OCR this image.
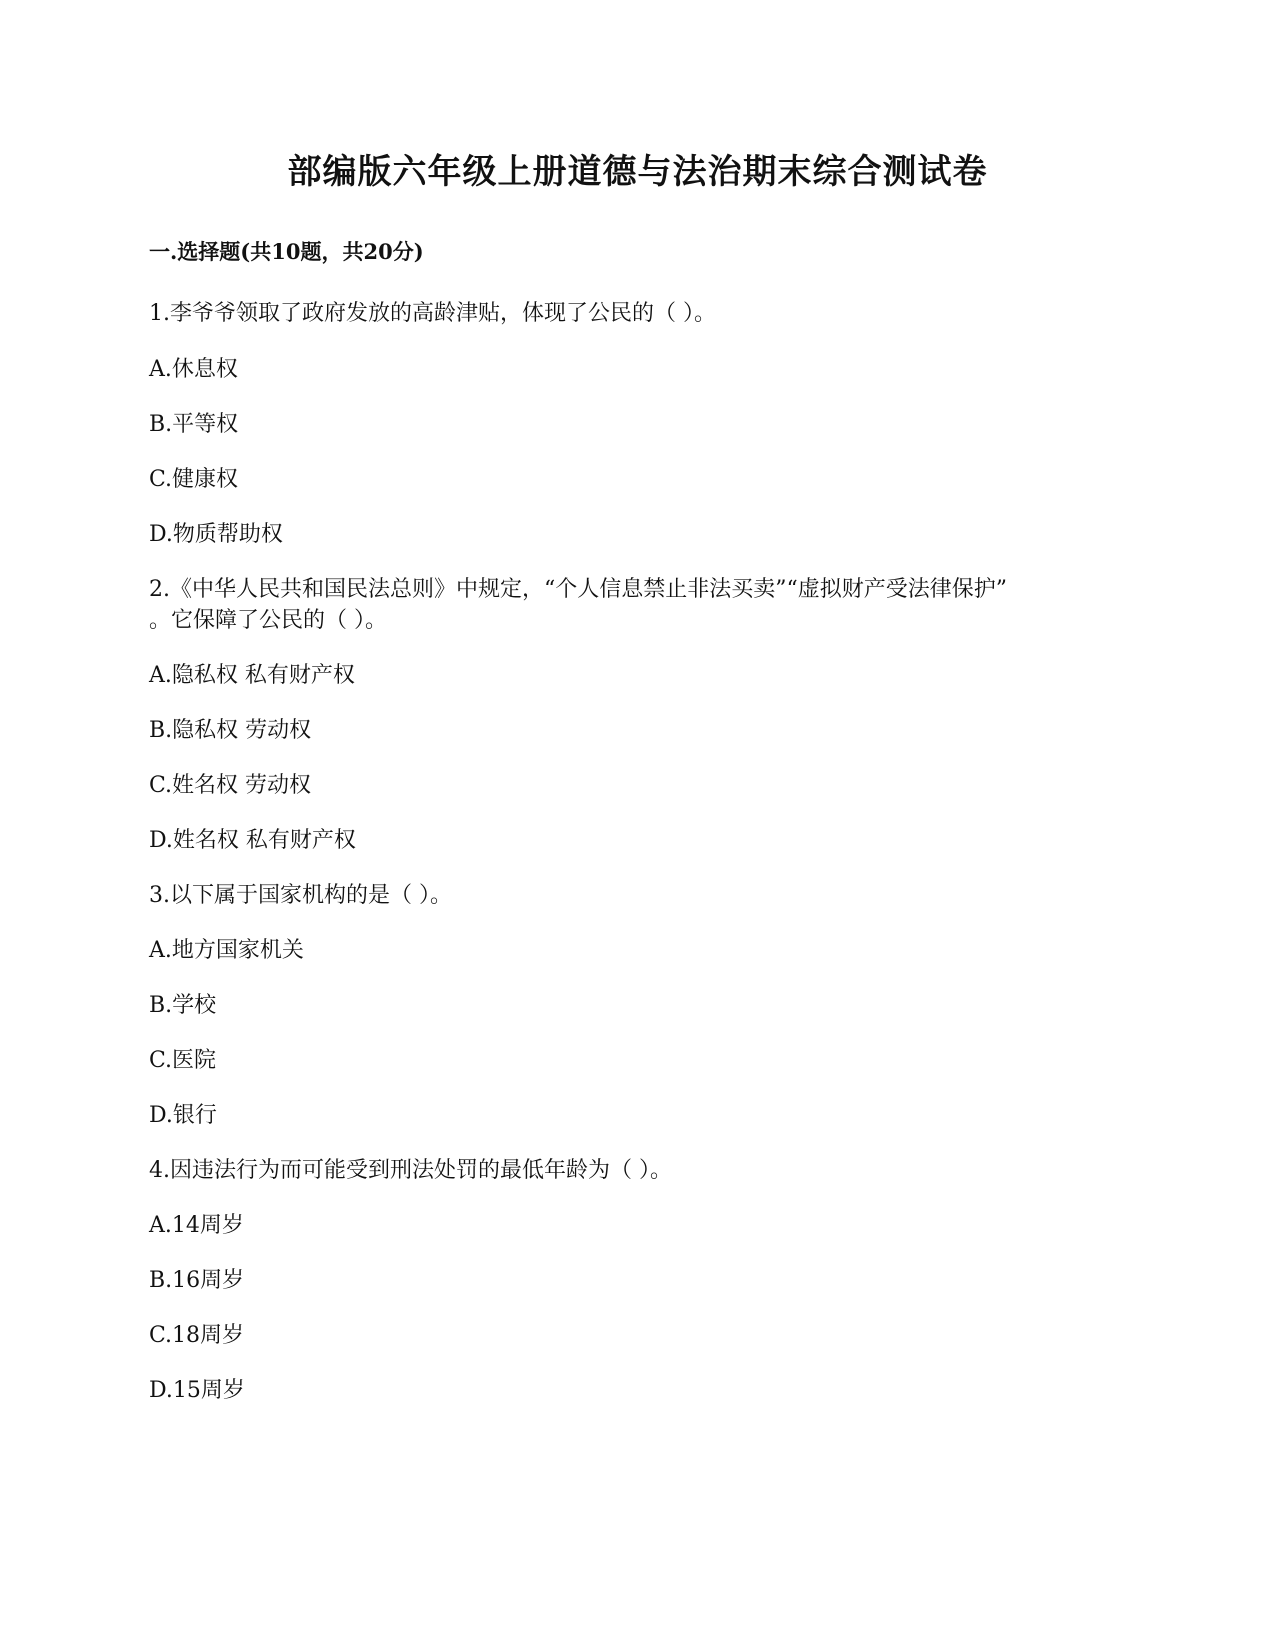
部编版六年级上册道德与法治期末综合测试卷
一.选择题(共10题，共20分)
1.李爷爷领取了政府发放的高龄津贴，体现了公民的（ ）。
A.休息权
B.平等权
C.健康权
D.物质帮助权
2.《中华人民共和国民法总则》中规定，“个人信息禁止非法买卖”“虚拟财产受法律保护”
。它保障了公民的（ ）。
A.隐私权 私有财产权
B.隐私权 劳动权
C.姓名权 劳动权
D.姓名权 私有财产权
3.以下属于国家机构的是（ ）。
A.地方国家机关
B.学校
C.医院
D.银行
4.因违法行为而可能受到刑法处罚的最低年龄为（ ）。
A.14周岁
B.16周岁
C.18周岁
D.15周岁
